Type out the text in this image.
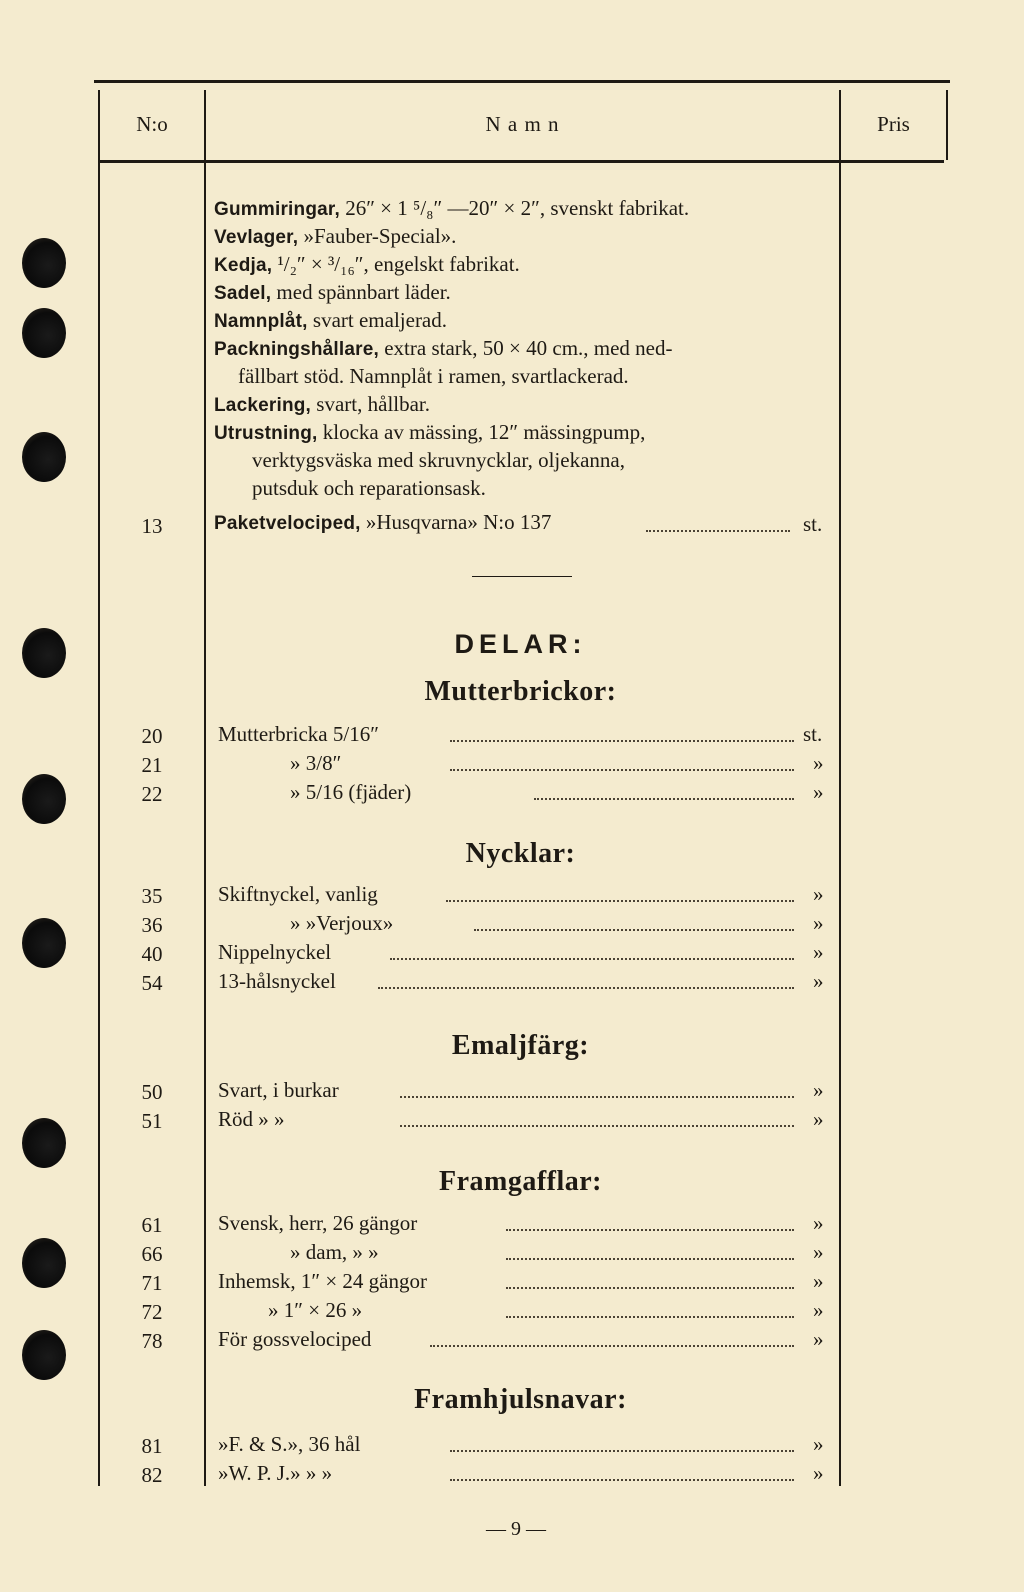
N:o	N a m n	Pris
Gummiringar, 26″ × 1 ⁵/₈″ —20″ × 2″, svenskt fabrikat.
Vevlager, »Fauber-Special».
Kedja, ¹/₂″ × ³/₁₆″, engelskt fabrikat.
Sadel, med spännbart läder.
Namnplåt, svart emaljerad.
Packningshållare, extra stark, 50 × 40 cm., med ned-
fällbart stöd. Namnplåt i ramen, svartlackerad.
Lackering, svart, hållbar.
Utrustning, klocka av mässing, 12″ mässingpump,
verktygsväska med skruvnycklar, oljekanna,
putsduk och reparationsask.
13	Paketvelociped, »Husqvarna» N:o 137	st.
DELAR:
Mutterbrickor:
20	Mutterbricka 5/16″	st.
21	» 3/8″	»
22	» 5/16 (fjäder)	»
Nycklar:
35	Skiftnyckel, vanlig	»
36	» »Verjoux»	»
40	Nippelnyckel	»
54	13-hålsnyckel	»
Emaljfärg:
50	Svart, i burkar	»
51	Röd » »	»
Framgafflar:
61	Svensk, herr, 26 gängor	»
66	» dam, » »	»
71	Inhemsk, 1″ × 24 gängor	»
72	» 1″ × 26 »	»
78	För gossvelociped	»
Framhjulsnavar:
81	»F. & S.», 36 hål	»
82	»W. P. J.» » »	»
— 9 —
